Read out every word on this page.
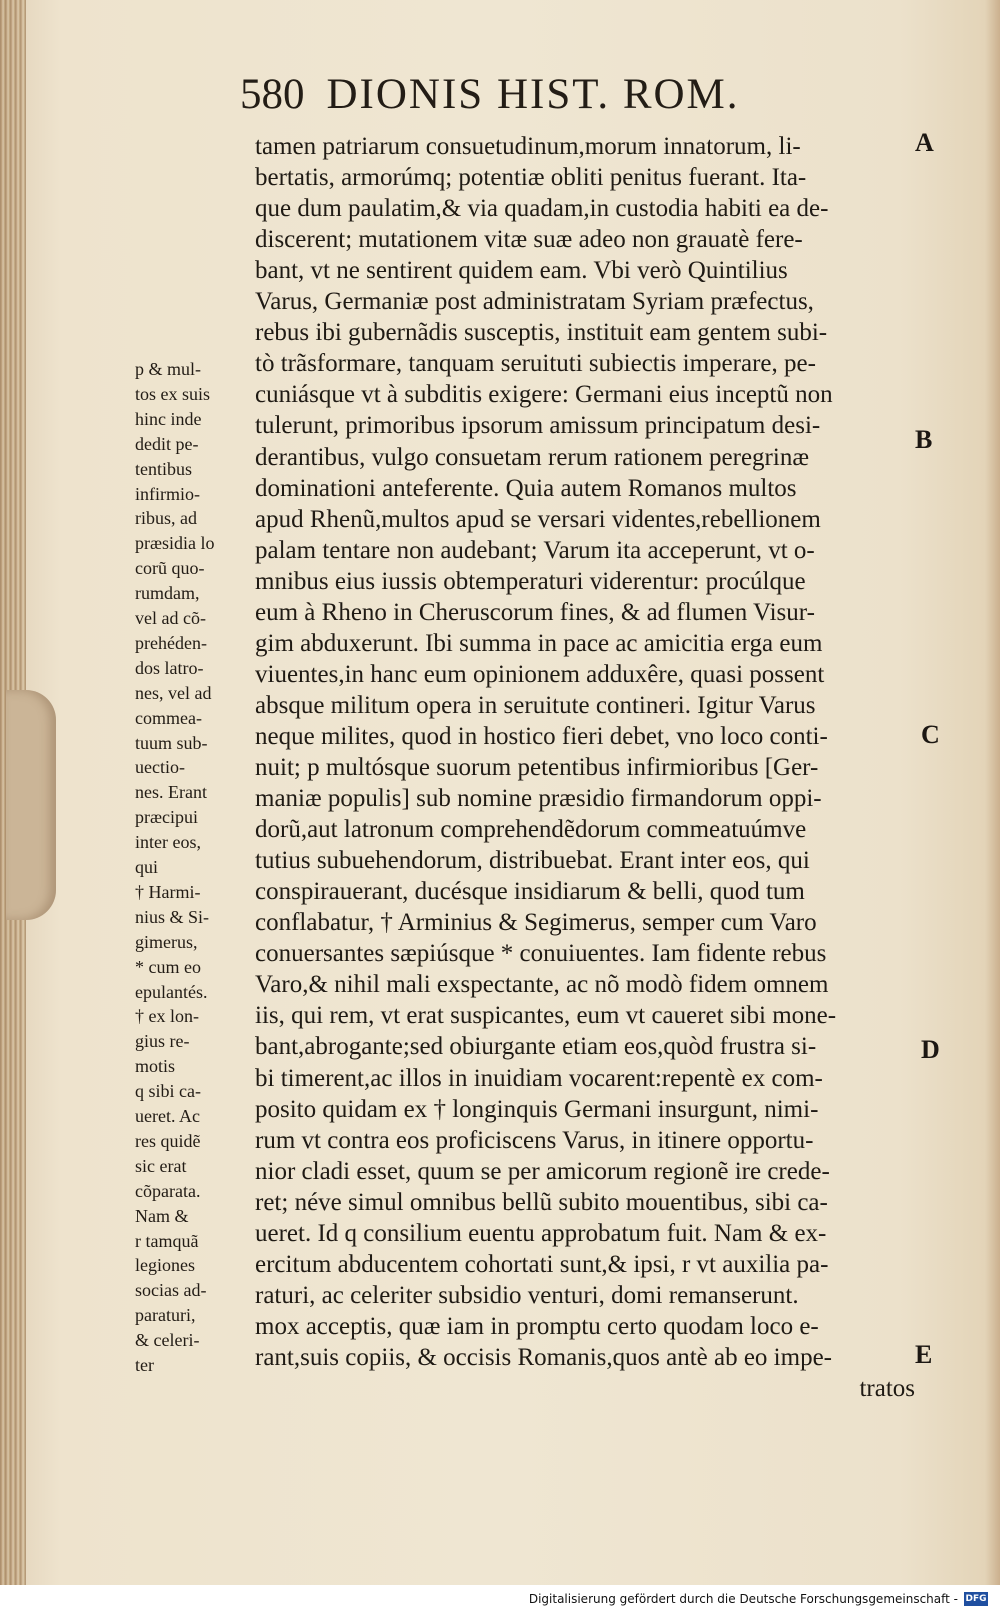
580 DIONIS HIST. ROM.

tamen patriarum consuetudinum,morum innatorum, li-

bertatis, armorúmq; potentiæ obliti penitus fuerant. Ita-

que dum paulatim,& via quadam,in custodia habiti ea de-

discerent; mutationem vitæ suæ adeo non grauatè fere-

bant, vt ne sentirent quidem eam. Vbi verò Quintilius

Varus, Germaniæ post administratam Syriam præfectus,

rebus ibi gubernãdis susceptis, instituit eam gentem subi-

tò trãsformare, tanquam seruituti subiectis imperare, pe-

cuniásque vt à subditis exigere: Germani eius inceptũ non

tulerunt, primoribus ipsorum amissum principatum desi-

derantibus, vulgo consuetam rerum rationem peregrinæ

dominationi anteferente. Quia autem Romanos multos

apud Rhenũ,multos apud se versari videntes,rebellionem

palam tentare non audebant; Varum ita acceperunt, vt o-

mnibus eius iussis obtemperaturi viderentur: procúlque

eum à Rheno in Cheruscorum fines, & ad flumen Visur-

gim abduxerunt. Ibi summa in pace ac amicitia erga eum

viuentes,in hanc eum opinionem adduxêre, quasi possent

absque militum opera in seruitute contineri. Igitur Varus

neque milites, quod in hostico fieri debet, vno loco conti-

nuit; p multósque suorum petentibus infirmioribus [Ger-

maniæ populis] sub nomine præsidio firmandorum oppi-

dorũ,aut latronum comprehendẽdorum commeatuúmve

tutius subuehendorum, distribuebat. Erant inter eos, qui

conspirauerant, ducésque insidiarum & belli, quod tum

conflabatur, † Arminius & Segimerus, semper cum Varo

conuersantes sæpiúsque * conuiuentes. Iam fidente rebus

Varo,& nihil mali exspectante, ac nõ modò fidem omnem

iis, qui rem, vt erat suspicantes, eum vt caueret sibi mone-

bant,abrogante;sed obiurgante etiam eos,quòd frustra si-

bi timerent,ac illos in inuidiam vocarent:repentè ex com-

posito quidam ex † longinquis Germani insurgunt, nimi-

rum vt contra eos proficiscens Varus, in itinere opportu-

nior cladi esset, quum se per amicorum regionẽ ire crede-

ret; néve simul omnibus bellũ subito mouentibus, sibi ca-

ueret. Id q consilium euentu approbatum fuit. Nam & ex-

ercitum abducentem cohortati sunt,& ipsi, r vt auxilia pa-

raturi, ac celeriter subsidio venturi, domi remanserunt.

mox acceptis, quæ iam in promptu certo quodam loco e-

rant,suis copiis, & occisis Romanis,quos antè ab eo impe-

tratos

p & mul-

tos ex suis

hinc inde

dedit pe-

tentibus

infirmio-

ribus, ad

præsidia lo

corũ quo-

rumdam,

vel ad cõ-

prehéden-

dos latro-

nes, vel ad

commea-

tuum sub-

uectio-

nes. Erant

præcipui

inter eos,

qui

† Harmi-

nius & Si-

gimerus,

* cum eo

epulantés.

† ex lon-

gius re-

motis

q sibi ca-

ueret. Ac

res quidẽ

sic erat

cõparata.

Nam &

r tamquã

legiones

socias ad-

paraturi,

& celeri-

ter

A
B
C
D
E
Digitalisierung gefördert durch die Deutsche Forschungsgemeinschaft - DFG
